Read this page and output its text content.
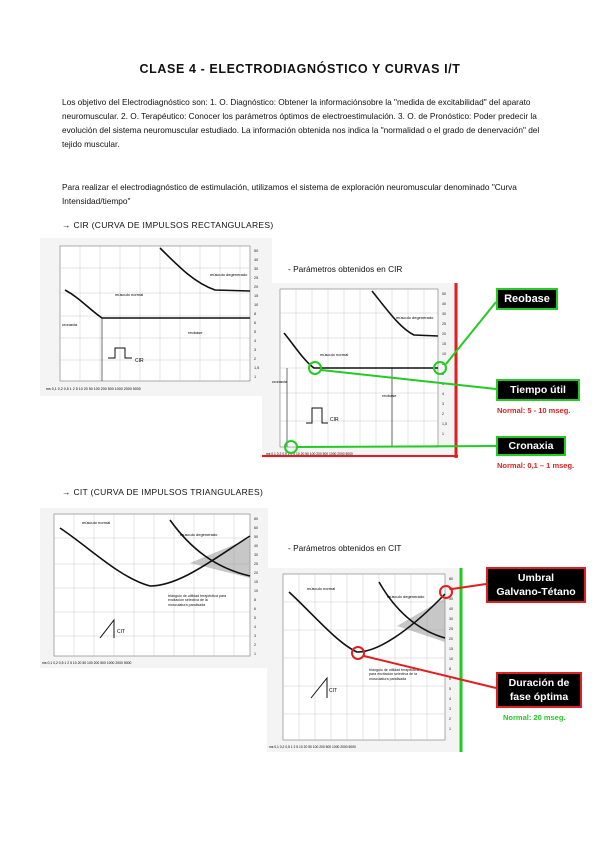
CLASE 4 - ELECTRODIAGNÓSTICO Y CURVAS I/T
Los objetivo del Electrodiagnóstico son: 1. O. Diagnóstico: Obtener la informaciónsobre la "medida de excitabilidad" del aparato neuromuscular. 2. O. Terapéutico: Conocer los parámetros óptimos de electroestimulación. 3. O. de Pronóstico: Poder predecir la evolución del sistema neuromuscular estudiado. La información obtenida nos indica la "normalidad o el grado de denervación" del tejido muscular.
Para realizar el electrodiagnóstico de estimulación, utilizamos el sistema de exploración neuromuscular denominado "Curva Intensidad/tiempo"
→ CIR (CURVA DE IMPULSOS RECTANGULARES)
- Parámetros obtenidos en CIR
CIR
músculo normal
músculo degenerado
reobase
cronaxia
ms 0,1 0,2 0,5 1 2 5 10 20 50 100 200 500 1000 2000 5000
50
40
30
25
20
15
10
8
6
5
4
3
2
1,5
1
CIR
músculo normal
músculo degenerado
reobase
cronaxia
ms 0,1 0,2 0,5 1 2 5 10 20 50 100 200 500 1000 2000 5000
50
40
30
25
20
15
10
8
6
5
4
3
2
1,5
1
Reobase
Tiempo útil
Normal: 5 - 10 mseg.
Cronaxia
Normal: 0,1 – 1 mseg.
→ CIT (CURVA DE IMPULSOS TRIANGULARES)
- Parámetros obtenidos en CIT
CIT
músculo normal
músculo degenerado
triángulo de utilidad terapéutica para excitación selectiva de la musculatura parallsada
ms 0,1 0,2 0,5 1 2 5 10 20 50 100 200 500 1000 2000 5000
80
60
50
40
30
25
20
15
10
8
6
5
4
3
2
1
CIT
músculo normal
músculo degenerado
triángulo de utilidad terapéutica para excitación selectiva de la musculatura parallsada
ms 0,1 0,2 0,5 1 2 5 10 20 50 100 200 500 1000 2000 5000
80
60
50
40
30
25
20
15
10
8
6
5
4
3
2
1
Umbral
Galvano-Tétano
Duración de
fase óptima
Normal: 20 mseg.
